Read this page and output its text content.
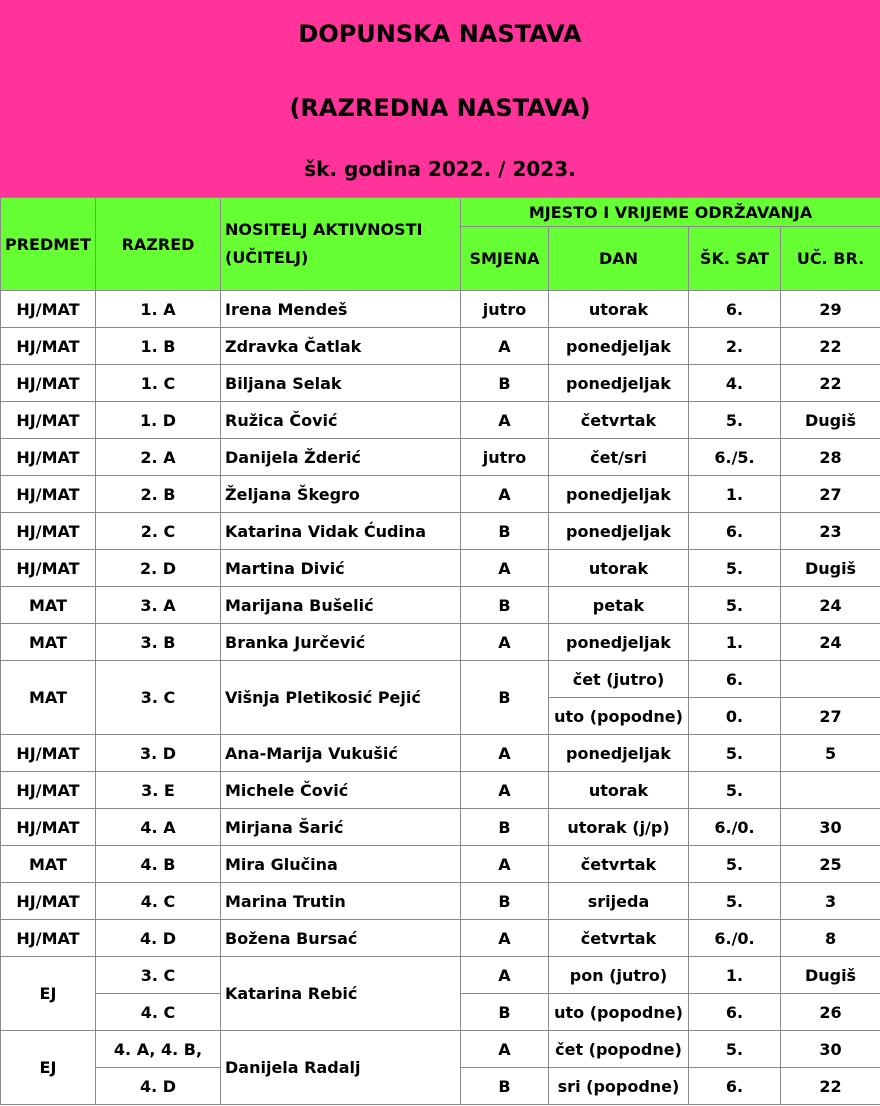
DOPUNSKA NASTAVA
(RAZREDNA NASTAVA)
šk. godina 2022. / 2023.
PREDMET	RAZRED	NOSITELJ AKTIVNOSTI
(UČITELJ)	MJESTO I VRIJEME ODRŽAVANJA			
			SMJENA	DAN	ŠK. SAT	UČ. BR.
HJ/MAT	1. A	Irena Mendeš	jutro	utorak	6.	29
HJ/MAT	1. B	Zdravka Čatlak	A	ponedjeljak	2.	22
HJ/MAT	1. C	Biljana Selak	B	ponedjeljak	4.	22
HJ/MAT	1. D	Ružica Čović	A	četvrtak	5.	Dugiš
HJ/MAT	2. A	Danijela Žderić	jutro	čet/sri	6./5.	28
HJ/MAT	2. B	Željana Škegro	A	ponedjeljak	1.	27
HJ/MAT	2. C	Katarina Vidak Ćudina	B	ponedjeljak	6.	23
HJ/MAT	2. D	Martina Divić	A	utorak	5.	Dugiš
MAT	3. A	Marijana Bušelić	B	petak	5.	24
MAT	3. B	Branka Jurčević	A	ponedjeljak	1.	24
MAT	3. C	Višnja Pletikosić Pejić	B	čet (jutro)	6.	
				uto (popodne)	0.	27
HJ/MAT	3. D	Ana-Marija Vukušić	A	ponedjeljak	5.	5
HJ/MAT	3. E	Michele Čović	A	utorak	5.	
HJ/MAT	4. A	Mirjana Šarić	B	utorak (j/p)	6./0.	30
MAT	4. B	Mira Glučina	A	četvrtak	5.	25
HJ/MAT	4. C	Marina Trutin	B	srijeda	5.	3
HJ/MAT	4. D	Božena Bursać	A	četvrtak	6./0.	8
EJ	3. C	Katarina Rebić	A	pon (jutro)	1.	Dugiš
	4. C		B	uto (popodne)	6.	26
EJ	4. A, 4. B,	Danijela Radalj	A	čet (popodne)	5.	30
	4. D		B	sri (popodne)	6.	22
